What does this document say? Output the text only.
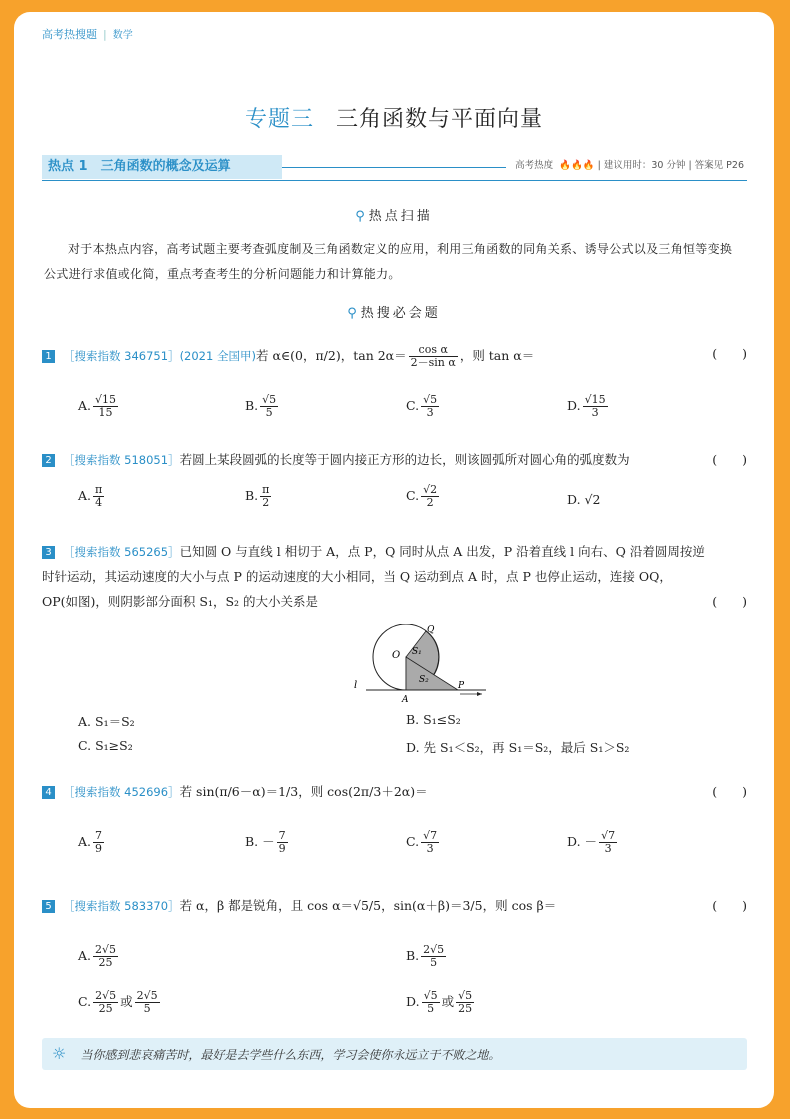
高考热搜题 | 数学
专题三 三角函数与平面向量
热点 1　三角函数的概念及运算	高考热度 🔥🔥🔥 | 建议用时：30 分钟 | 答案见 P26
⚲ 热点扫描
对于本热点内容，高考试题主要考查弧度制及三角函数定义的应用，利用三角函数的同角关系、诱导公式以及三角恒等变换公式进行求值或化简，重点考查考生的分析问题能力和计算能力。
⚲ 热搜必会题
1 ［搜索指数 346751］(2021 全国甲)若 α∈(0，π/2)，$\tan 2\alpha= \frac{\text{cos α}}{\text{2－sin α}}$ ，则 tan α＝	(　　)
A. $\frac{√15}{15}$	B. $\frac{√5}{5}$	C. $\frac{√5}{3}$	D. $\frac{√15}{3}$
2 ［搜索指数 518051］若圆上某段圆弧的长度等于圆内接正方形的边长，则该圆弧所对圆心角的弧度数为	(　　)
A. $\frac{\pi}{4}$	B. $\frac{\pi}{2}$	C. $\frac{√2}{2}$	D. √2
3 ［搜索指数 565265］已知圆 O 与直线 l 相切于 A，点 P，Q 同时从点 A 出发，P 沿着直线 l 向右、Q 沿着圆周按逆
时针运动，其运动速度的大小与点 P 的运动速度的大小相同，当 Q 运动到点 A 时，点 P 也停止运动，连接 OQ，
OP(如图)，则阴影部分面积 S₁，S₂ 的大小关系是	(　　)
O
Q
S₁
S₂
l
A
P
A. S₁＝S₂	B. S₁≤S₂
C. S₁≥S₂	D. 先 S₁＜S₂，再 S₁＝S₂，最后 S₁＞S₂
4 ［搜索指数 452696］若 sin(π/6－α)＝1/3，则 cos(2π/3＋2α)＝	(　　)
A. $\frac{7}{9}$	B. － $\frac{7}{9}$	C. $\frac{√7}{3}$	D. － $\frac{√7}{3}$
5 ［搜索指数 583370］若 α，β 都是锐角，且 cos α＝√5/5，sin(α＋β)＝3/5，则 cos β＝	(　　)
A. $\frac{2√5}{25}$	B. $\frac{2√5}{5}$
C. $\frac{2√5}{25}$ 或 $\frac{2√5}{5}$	D. $\frac{√5}{5}$ 或 $\frac{√5}{25}$
☼ 当你感到悲哀痛苦时，最好是去学些什么东西，学习会使你永远立于不败之地。
